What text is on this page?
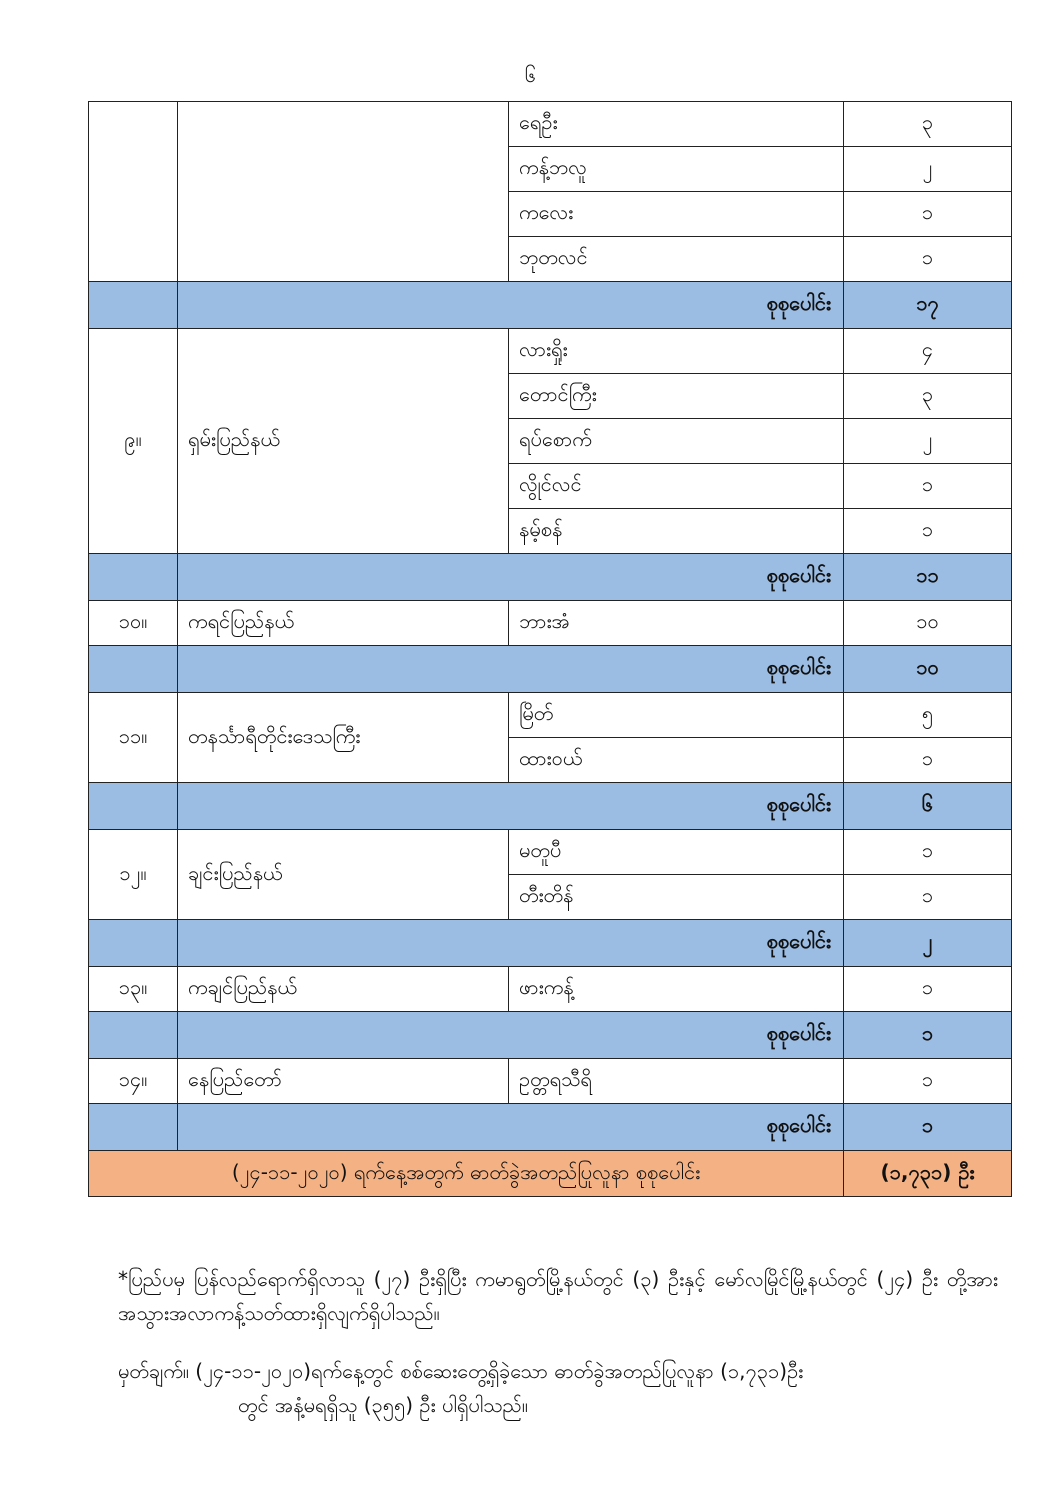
၆
		ရေဦး	၃
		ကန့်ဘလူ	၂
		ကလေး	၁
		ဘုတလင်	၁
	စုစုပေါင်း		၁၇
၉။	ရှမ်းပြည်နယ်	လားရှိုး	၄
		တောင်ကြီး	၃
		ရပ်စောက်	၂
		လွိုင်လင်	၁
		နမ့်စန်	၁
	စုစုပေါင်း		၁၁
၁၀။	ကရင်ပြည်နယ်	ဘားအံ	၁၀
	စုစုပေါင်း		၁၀
၁၁။	တနင်္သာရီတိုင်းဒေသကြီး	မြိတ်	၅
		ထားဝယ်	၁
	စုစုပေါင်း		၆
၁၂။	ချင်းပြည်နယ်	မတူပီ	၁
		တီးတိန်	၁
	စုစုပေါင်း		၂
၁၃။	ကချင်ပြည်နယ်	ဖားကန့်	၁
	စုစုပေါင်း		၁
၁၄။	နေပြည်တော်	ဥတ္တရသီရိ	၁
	စုစုပေါင်း		၁
(၂၄-၁၁-၂၀၂၀) ရက်နေ့အတွက် ဓာတ်ခွဲအတည်ပြုလူနာ စုစုပေါင်း			(၁,၇၃၁) ဦး
*ပြည်ပမှ ပြန်လည်ရောက်ရှိလာသူ (၂၇) ဦးရှိပြီး ကမာရွတ်မြို့နယ်တွင် (၃) ဦးနှင့် မော်လမြိုင်မြို့နယ်တွင် (၂၄) ဦး တို့အား အသွားအလာကန့်သတ်ထားရှိလျက်ရှိပါသည်။
မှတ်ချက်။ (၂၄-၁၁-၂၀၂၀)ရက်နေ့တွင် စစ်ဆေးတွေ့ရှိခဲ့သော ဓာတ်ခွဲအတည်ပြုလူနာ (၁,၇၃၁)ဦး
တွင် အနံ့မရရှိသူ (၃၅၅) ဦး ပါရှိပါသည်။
